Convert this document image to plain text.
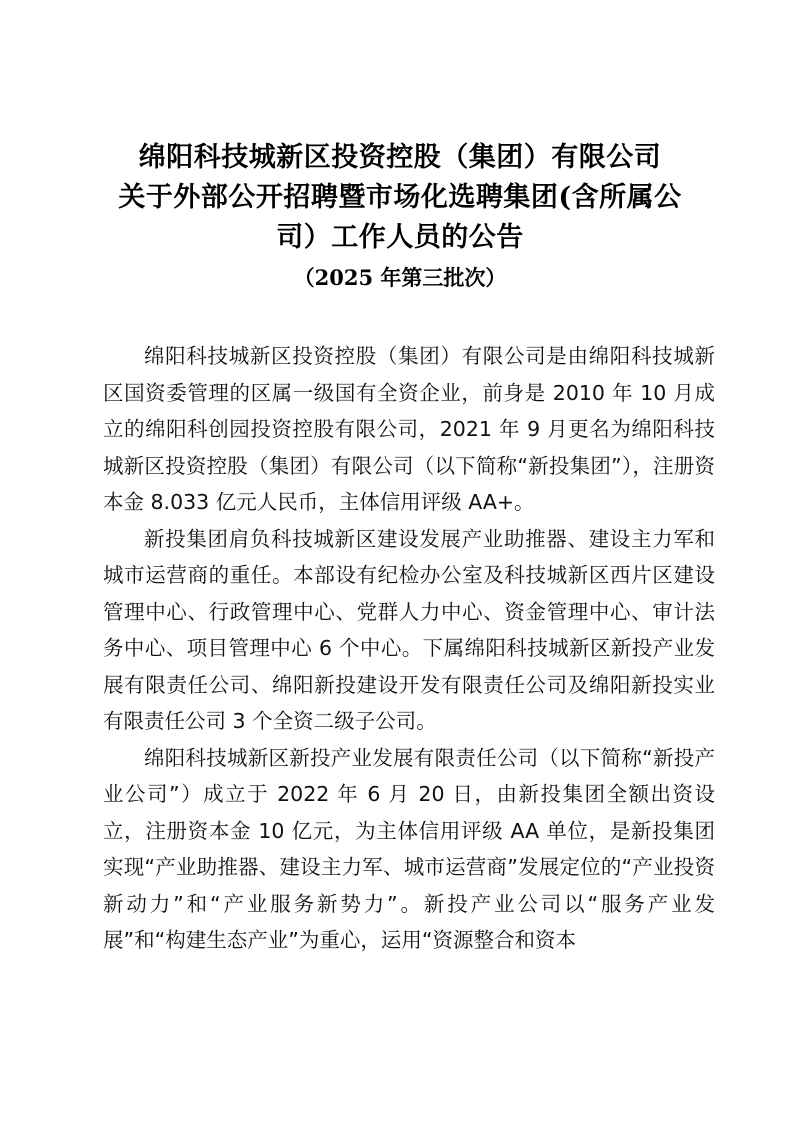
绵阳科技城新区投资控股（集团）有限公司
关于外部公开招聘暨市场化选聘集团(含所属公
司）工作人员的公告
（2025 年第三批次）

绵阳科技城新区投资控股（集团）有限公司是由绵阳科技城新区国资委管理的区属一级国有全资企业，前身是 2010 年 10 月成立的绵阳科创园投资控股有限公司，2021 年 9 月更名为绵阳科技城新区投资控股（集团）有限公司（以下简称“新投集团”），注册资本金 8.033 亿元人民币，主体信用评级 AA+。

新投集团肩负科技城新区建设发展产业助推器、建设主力军和城市运营商的重任。本部设有纪检办公室及科技城新区西片区建设管理中心、行政管理中心、党群人力中心、资金管理中心、审计法务中心、项目管理中心 6 个中心。下属绵阳科技城新区新投产业发展有限责任公司、绵阳新投建设开发有限责任公司及绵阳新投实业有限责任公司 3 个全资二级子公司。

绵阳科技城新区新投产业发展有限责任公司（以下简称“新投产业公司”）成立于 2022 年 6 月 20 日，由新投集团全额出资设立，注册资本金 10 亿元，为主体信用评级 AA 单位，是新投集团实现“产业助推器、建设主力军、城市运营商”发展定位的“产业投资新动力”和“产业服务新势力”。新投产业公司以“服务产业发展”和“构建生态产业”为重心，运用“资源整合和资本
